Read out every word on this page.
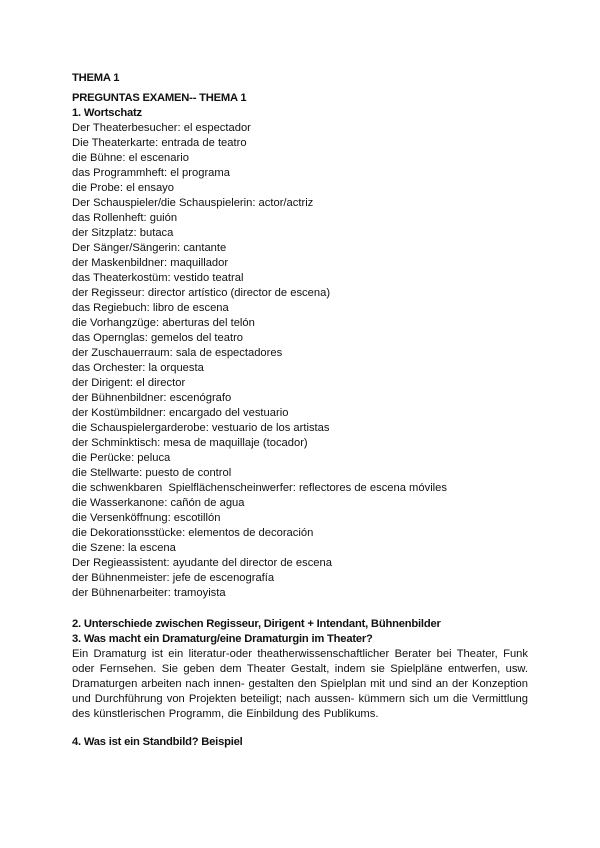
THEMA 1
PREGUNTAS EXAMEN-- THEMA 1
1. Wortschatz
Der Theaterbesucher: el espectador
Die Theaterkarte: entrada de teatro
die Bühne: el escenario
das Programmheft: el programa
die Probe: el ensayo
Der Schauspieler/die Schauspielerin: actor/actriz
das Rollenheft: guión
der Sitzplatz: butaca
Der Sänger/Sängerin: cantante
der Maskenbildner: maquillador
das Theaterkostüm: vestido teatral
der Regisseur: director artístico (director de escena)
das Regiebuch: libro de escena
die Vorhangzüge: aberturas del telón
das Opernglas: gemelos del teatro
der Zuschauerraum: sala de espectadores
das Orchester: la orquesta
der Dirigent: el director
der Bühnenbildner: escenógrafo
der Kostümbildner: encargado del vestuario
die Schauspielergarderobe: vestuario de los artistas
der Schminktisch: mesa de maquillaje (tocador)
die Perücke: peluca
die Stellwarte: puesto de control
die schwenkbaren  Spielflächenscheinwerfer: reflectores de escena móviles
die Wasserkanone: cañón de agua
die Versenköffnung: escotillón
die Dekorationsstücke: elementos de decoración
die Szene: la escena
Der Regieassistent: ayudante del director de escena
der Bühnenmeister: jefe de escenografía
der Bühnenarbeiter: tramoyista
2. Unterschiede zwischen Regisseur, Dirigent + Intendant, Bühnenbilder
3. Was macht ein Dramaturg/eine Dramaturgin im Theater?
Ein Dramaturg ist ein literatur-oder theatherwissenschaftlicher Berater bei Theater, Funk oder Fernsehen. Sie geben dem Theater Gestalt, indem sie Spielpläne entwerfen, usw. Dramaturgen arbeiten nach innen- gestalten den Spielplan mit und sind an der Konzeption und Durchführung von Projekten beteiligt; nach aussen- kümmern sich um die Vermittlung des künstlerischen Programm, die Einbildung des Publikums.
4. Was ist ein Standbild? Beispiel
